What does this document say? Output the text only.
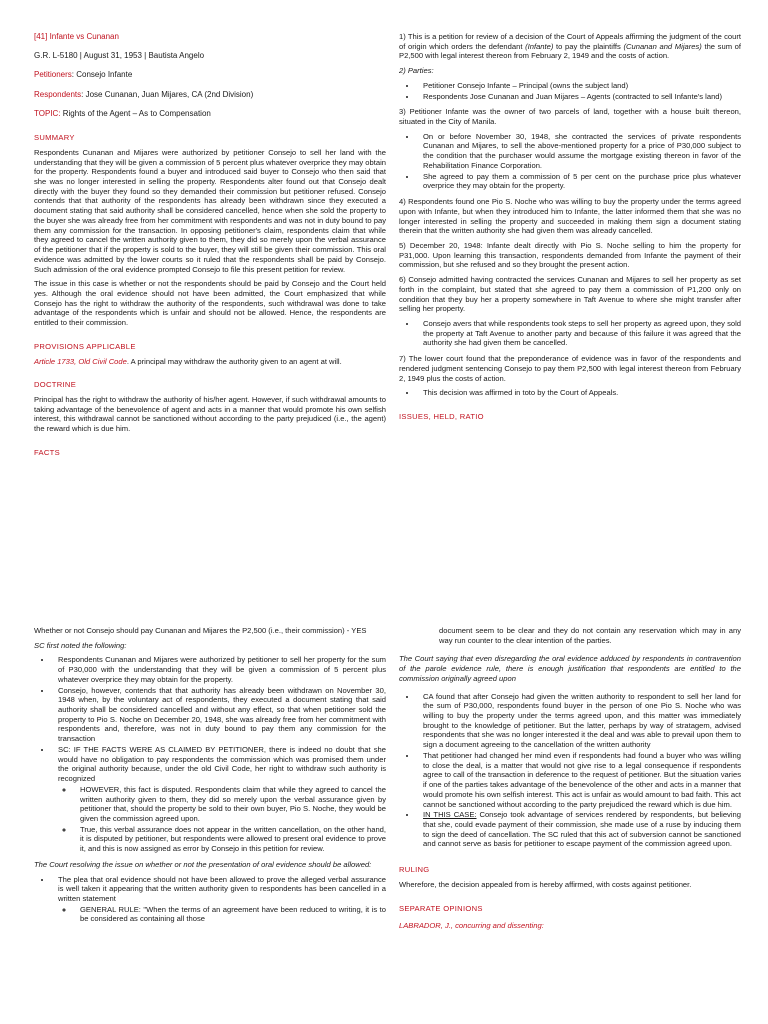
[41] Infante vs Cunanan

G.R. L-5180 | August 31, 1953 | Bautista Angelo

Petitioners: Consejo Infante

Respondents: Jose Cunanan, Juan Mijares, CA (2nd Division)

TOPIC: Rights of the Agent – As to Compensation

SUMMARY

Respondents Cunanan and Mijares were authorized by petitioner Consejo to sell her land with the understanding that they will be given a commission of 5 percent plus whatever overprice they may obtain for the property. Respondents found a buyer and introduced said buyer to Consejo who then said that she was no longer interested in selling the property. Respondents alter found out that Consejo dealt directly with the buyer they found so they demanded their commission but petitioner refused. Consejo contends that that authority of the respondents has already been withdrawn since they executed a document stating that said authority shall be considered cancelled, hence when she sold the property to the buyer she was already free from her commitment with respondents and was not in duty bound to pay them any commission for the transaction. In opposing petitioner's claim, respondents claim that while they agreed to cancel the written authority given to them, they did so merely upon the verbal assurance of the petitioner that if the property is sold to the buyer, they will still be given their commission. This oral evidence was admitted by the lower courts so it ruled that the respondents shall be paid by Consejo. Such admission of the oral evidence prompted Consejo to file this present petition for review.

The issue in this case is whether or not the respondents should be paid by Consejo and the Court held yes. Although the oral evidence should not have been admitted, the Court emphasized that while Consejo has the right to withdraw the authority of the respondents, such withdrawal was done to take advantage of the respondents which is unfair and should not be allowed. Hence, the respondents are entitled to their commission.

PROVISIONS APPLICABLE

Article 1733, Old Civil Code. A principal may withdraw the authority given to an agent at will.

DOCTRINE

Principal has the right to withdraw the authority of his/her agent. However, if such withdrawal amounts to taking advantage of the benevolence of agent and acts in a manner that would promote his own selfish interest, this withdrawal cannot be sanctioned without according to the party prejudiced (i.e., the agent) the reward which is due him.

FACTS

1) This is a petition for review of a decision of the Court of Appeals affirming the judgment of the court of origin which orders the defendant (Infante) to pay the plaintiffs (Cunanan and Mijares) the sum of P2,500 with legal interest thereon from February 2, 1949 and the costs of action.

2) Parties:

• Petitioner Consejo Infante – Principal (owns the subject land)
• Respondents Jose Cunanan and Juan Mijares – Agents (contracted to sell Infante's land)

3) Petitioner Infante was the owner of two parcels of land, together with a house built thereon, situated in the City of Manila.

• On or before November 30, 1948, she contracted the services of private respondents Cunanan and Mijares, to sell the above-mentioned property for a price of P30,000 subject to the condition that the purchaser would assume the mortgage existing thereon in favor of the Rehabilitation Finance Corporation.
• She agreed to pay them a commission of 5 per cent on the purchase price plus whatever overprice they may obtain for the property.

4) Respondents found one Pio S. Noche who was willing to buy the property under the terms agreed upon with Infante, but when they introduced him to Infante, the latter informed them that she was no longer interested in selling the property and succeeded in making them sign a document stating therein that the written authority she had given them was already cancelled.

5) December 20, 1948: Infante dealt directly with Pio S. Noche selling to him the property for P31,000. Upon learning this transaction, respondents demanded from Infante the payment of their commission, but she refused and so they brought the present action.

6) Consejo admitted having contracted the services Cunanan and Mijares to sell her property as set forth in the complaint, but stated that she agreed to pay them a commission of P1,200 only on condition that they buy her a property somewhere in Taft Avenue to where she might transfer after selling her property.

• Consejo avers that while respondents took steps to sell her property as agreed upon, they sold the property at Taft Avenue to another party and because of this failure it was agreed that the authority she had given them be cancelled.

7) The lower court found that the preponderance of evidence was in favor of the respondents and rendered judgment sentencing Consejo to pay them P2,500 with legal interest thereon from February 2, 1949 plus the costs of action.

• This decision was affirmed in toto by the Court of Appeals.
ISSUES, HELD, RATIO

Whether or not Consejo should pay Cunanan and Mijares the P2,500 (i.e., their commission) - YES

SC first noted the following:

• Respondents Cunanan and Mijares were authorized by petitioner to sell her property for the sum of P30,000 with the understanding that they will be given a commission of 5 percent plus whatever overprice they may obtain for the property.
• Consejo, however, contends that that authority has already been withdrawn on November 30, 1948 when, by the voluntary act of respondents, they executed a document stating that said authority shall be considered cancelled and without any effect, so that when petitioner sold the property to Pio S. Noche on December 20, 1948, she was already free from her commitment with respondents and, therefore, was not in duty bound to pay them any commission for the transaction
• SC: IF THE FACTS WERE AS CLAIMED BY PETITIONER, there is indeed no doubt that she would have no obligation to pay respondents the commission which was promised them under the original authority because, under the old Civil Code, her right to withdraw such authority is recognized
◦ HOWEVER, this fact is disputed. Respondents claim that while they agreed to cancel the written authority given to them, they did so merely upon the verbal assurance given by petitioner that, should the property be sold to their own buyer, Pio S. Noche, they would be given the commission agreed upon.
◦ True, this verbal assurance does not appear in the written cancellation, on the other hand, it is disputed by petitioner, but respondents were allowed to present oral evidence to prove it, and this is now assigned as error by Consejo in this petition for review.

The Court resolving the issue on whether or not the presentation of oral evidence should be allowed:

• The plea that oral evidence should not have been allowed to prove the alleged verbal assurance is well taken it appearing that the written authority given to respondents has been cancelled in a written statement
◦ GENERAL RULE: "When the terms of an agreement have been reduced to writing, it is to be considered as containing all those

document seem to be clear and they do not contain any reservation which may in any way run counter to the clear intention of the parties.

The Court saying that even disregarding the oral evidence adduced by respondents in contravention of the parole evidence rule, there is enough justification that respondents are entitled to the commission originally agreed upon

• CA found that after Consejo had given the written authority to respondent to sell her land for the sum of P30,000, respondents found buyer in the person of one Pio S. Noche who was willing to buy the property under the terms agreed upon, and this matter was immediately brought to the knowledge of petitioner. But the latter, perhaps by way of stratagem, advised respondents that she was no longer interested it the deal and was able to prevail upon them to sign a document agreeing to the cancellation of the written authority
• That petitioner had changed her mind even if respondents had found a buyer who was willing to close the deal, is a matter that would not give rise to a legal consequence if respondents agree to call of the transaction in deference to the request of petitioner. But the situation varies if one of the parties takes advantage of the benevolence of the other and acts in a manner that would promote his own selfish interest. This act is unfair as would amount to bad faith. This act cannot be sanctioned without according to the party prejudiced the reward which is due him.
• IN THIS CASE: Consejo took advantage of services rendered by respondents, but believing that she, could evade payment of their commission, she made use of a ruse by inducing them to sign the deed of cancellation. The SC ruled that this act of subversion cannot be sanctioned and cannot serve as basis for petitioner to escape payment of the commission agreed upon.
RULING

Wherefore, the decision appealed from is hereby affirmed, with costs against petitioner.

SEPARATE OPINIONS

LABRADOR, J., concurring and dissenting:
